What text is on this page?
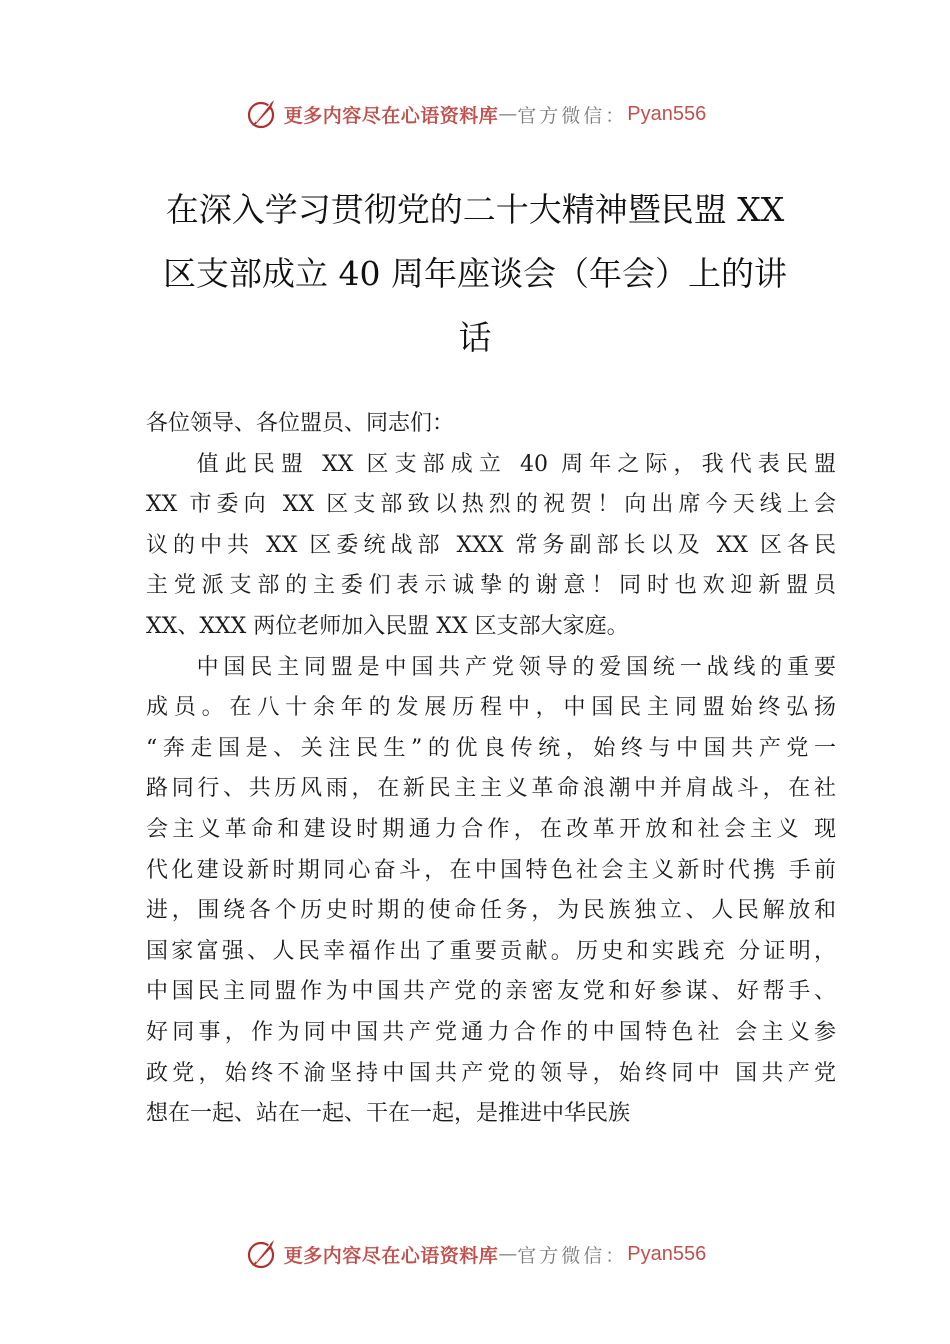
更多内容尽在心语资料库 — 官方微信： Pyan556
在深入学习贯彻党的二十大精神暨民盟 XX
区支部成立 40 周年座谈会（年会）上的讲
话

各位领导、各位盟员、同志们：

值此民盟 XX 区支部成立 40 周年之际，我代表民盟

XX 市委向 XX 区支部致以热烈的祝贺！向出席今天线上会

议的中共 XX 区委统战部 XXX 常务副部长以及 XX 区各民

主党派支部的主委们表示诚挚的谢意！同时也欢迎新盟员

XX、XXX 两位老师加入民盟 XX 区支部大家庭。

中国民主同盟是中国共产党领导的爱国统一战线的重要

成员。在八十余年的发展历程中，中国民主同盟始终弘扬

“奔走国是、关注民生”的优良传统，始终与中国共产党一

路同行、共历风雨，在新民主主义革命浪潮中并肩战斗，在社

会主义革命和建设时期通力合作，在改革开放和社会主义 现

代化建设新时期同心奋斗，在中国特色社会主义新时代携 手前

进，围绕各个历史时期的使命任务，为民族独立、人民解放和

国家富强、人民幸福作出了重要贡献。历史和实践充 分证明，

中国民主同盟作为中国共产党的亲密友党和好参谋、好帮手、

好同事，作为同中国共产党通力合作的中国特色社 会主义参

政党，始终不渝坚持中国共产党的领导，始终同中 国共产党

想在一起、站在一起、干在一起，是推进中华民族

更多内容尽在心语资料库 — 官方微信： Pyan556
